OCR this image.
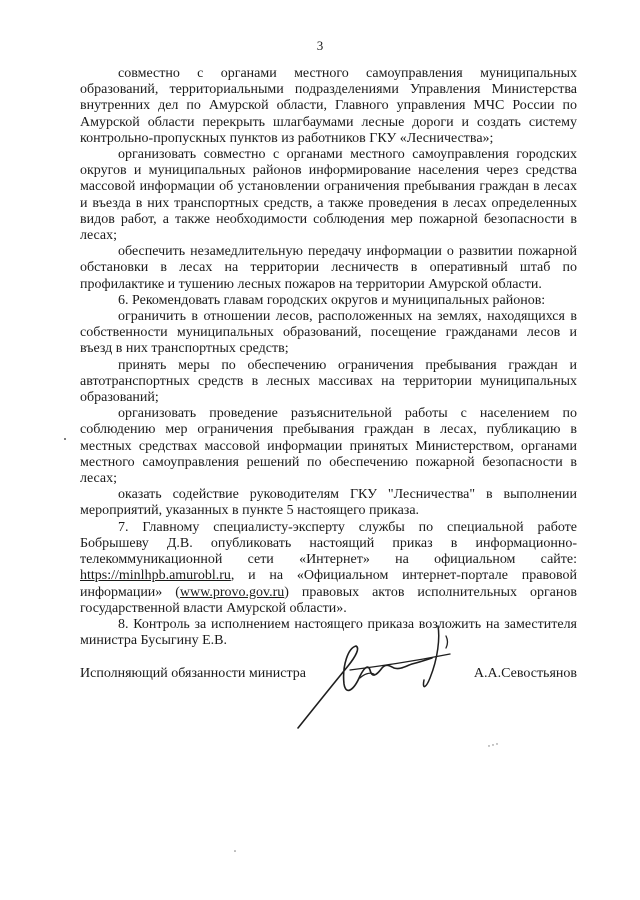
3

совместно с органами местного самоуправления муниципальных образований, территориальными подразделениями Управления Министерства внутренних дел по Амурской области, Главного управления МЧС России по Амурской области перекрыть шлагбаумами лесные дороги и создать систему контрольно-пропускных пунктов из работников ГКУ «Лесничества»;

организовать совместно с органами местного самоуправления городских округов и муниципальных районов информирование населения через средства массовой информации об установлении ограничения пребывания граждан в лесах и въезда в них транспортных средств, а также проведения в лесах определенных видов работ, а также необходимости соблюдения мер пожарной безопасности в лесах;

обеспечить незамедлительную передачу информации о развитии пожарной обстановки в лесах на территории лесничеств в оперативный штаб по профилактике и тушению лесных пожаров на территории Амурской области.

6. Рекомендовать главам городских округов и муниципальных районов:

ограничить в отношении лесов, расположенных на землях, находящихся в собственности муниципальных образований, посещение гражданами лесов и въезд в них транспортных средств;

принять меры по обеспечению ограничения пребывания граждан и автотранспортных средств в лесных массивах на территории муниципальных образований;

организовать проведение разъяснительной работы с населением по соблюдению мер ограничения пребывания граждан в лесах, публикацию в местных средствах массовой информации принятых Министерством, органами местного самоуправления решений по обеспечению пожарной безопасности в лесах;

оказать содействие руководителям ГКУ "Лесничества" в выполнении мероприятий, указанных в пункте 5 настоящего приказа.

7. Главному специалисту-эксперту службы по специальной работе Бобрышеву Д.В. опубликовать настоящий приказ в информационно-телекоммуникационной сети «Интернет» на официальном сайте: https://minlhpb.amurobl.ru, и на «Официальном интернет-портале правовой информации» (www.provo.gov.ru) правовых актов исполнительных органов государственной власти Амурской области».

8. Контроль за исполнением настоящего приказа возложить на заместителя министра Бусыгину Е.В.

Исполняющий обязанности министра	А.А.Севостьянов
